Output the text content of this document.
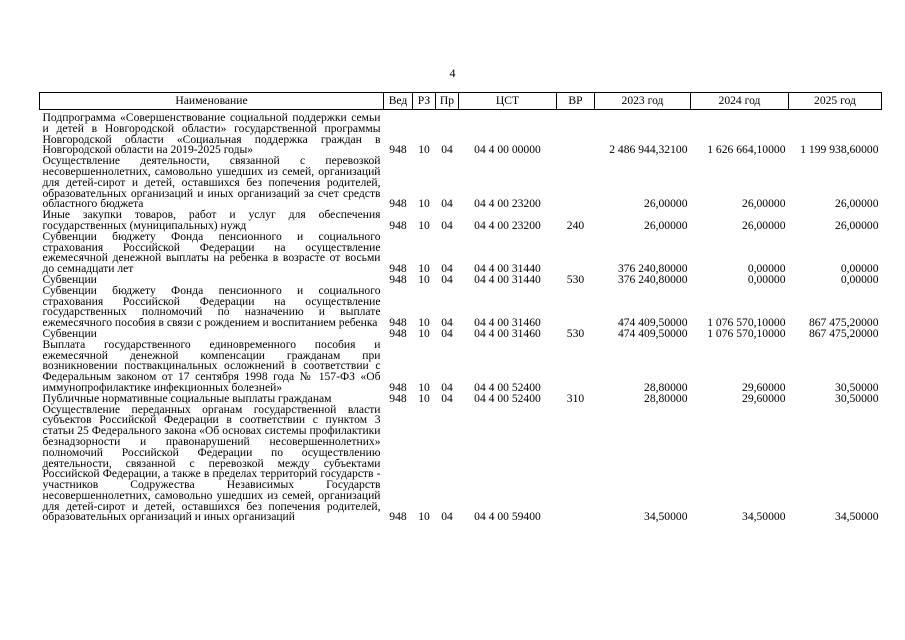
4
Наименование	Вед	РЗ	Пр	ЦСТ	ВР	2023 год	2024 год	2025 год
Подпрограмма «Совершенствование социальной поддержки семьи и детей в Новгородской области» государственной программы Новгородской области «Социальная поддержка граждан в Новгородской области на 2019-2025 годы»	948	10	04	04 4 00 00000		2 486 944,32100	1 626 664,10000	1 199 938,60000
Осуществление деятельности, связанной с перевозкой несовершеннолетних, самовольно ушедших из семей, организаций для детей-сирот и детей, оставшихся без попечения родителей, образовательных организаций и иных организаций за счет средств областного бюджета	948	10	04	04 4 00 23200		26,00000	26,00000	26,00000
Иные закупки товаров, работ и услуг для обеспечения государственных (муниципальных) нужд	948	10	04	04 4 00 23200	240	26,00000	26,00000	26,00000
Субвенции бюджету Фонда пенсионного и социального страхования Российской Федерации на осуществление ежемесячной денежной выплаты на ребенка в возрасте от восьми до семнадцати лет	948	10	04	04 4 00 31440		376 240,80000	0,00000	0,00000
Субвенции	948	10	04	04 4 00 31440	530	376 240,80000	0,00000	0,00000
Субвенции бюджету Фонда пенсионного и социального страхования Российской Федерации на осуществление государственных полномочий по назначению и выплате ежемесячного пособия в связи с рождением и воспитанием ребенка	948	10	04	04 4 00 31460		474 409,50000	1 076 570,10000	867 475,20000
Субвенции	948	10	04	04 4 00 31460	530	474 409,50000	1 076 570,10000	867 475,20000
Выплата государственного единовременного пособия и ежемесячной денежной компенсации гражданам при возникновении поствакцинальных осложнений в соответствии с Федеральным законом от 17 сентября 1998 года № 157-ФЗ «Об иммунопрофилактике инфекционных болезней»	948	10	04	04 4 00 52400		28,80000	29,60000	30,50000
Публичные нормативные социальные выплаты гражданам	948	10	04	04 4 00 52400	310	28,80000	29,60000	30,50000
Осуществление переданных органам государственной власти субъектов Российской Федерации в соответствии с пунктом 3 статьи 25 Федерального закона «Об основах системы профилактики безнадзорности и правонарушений несовершеннолетних» полномочий Российской Федерации по осуществлению деятельности, связанной с перевозкой между субъектами Российской Федерации, а также в пределах территорий государств - участников Содружества Независимых Государств несовершеннолетних, самовольно ушедших из семей, организаций для детей-сирот и детей, оставшихся без попечения родителей, образовательных организаций и иных организаций	948	10	04	04 4 00 59400		34,50000	34,50000	34,50000
